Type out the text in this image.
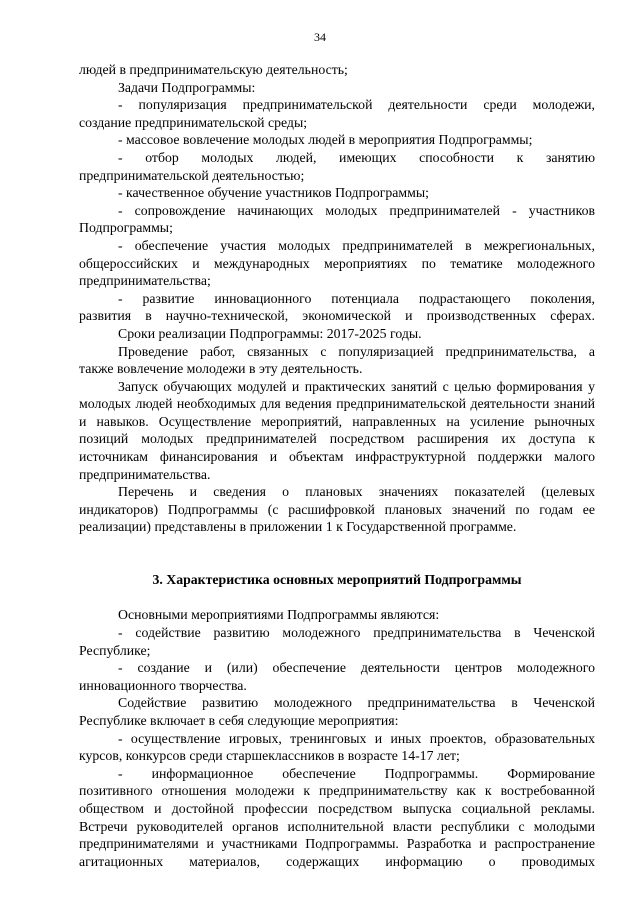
34
людей в предпринимательскую деятельность;
Задачи Подпрограммы:
- популяризация предпринимательской деятельности среди молодежи,
создание предпринимательской среды;
- массовое вовлечение молодых людей в мероприятия Подпрограммы;
- отбор молодых людей, имеющих способности к занятию
предпринимательской деятельностью;
- качественное обучение участников Подпрограммы;
- сопровождение начинающих молодых предпринимателей - участников
Подпрограммы;
- обеспечение участия молодых предпринимателей в межрегиональных,
общероссийских и международных мероприятиях по тематике молодежного
предпринимательства;
- развитие инновационного потенциала подрастающего поколения,
развития в научно-технической, экономической и производственных сферах.
Сроки реализации Подпрограммы: 2017-2025 годы.
Проведение работ, связанных с популяризацией предпринимательства, а
также вовлечение молодежи в эту деятельность.
Запуск обучающих модулей и практических занятий с целью формирования у
молодых людей необходимых для ведения предпринимательской деятельности знаний
и навыков. Осуществление мероприятий, направленных на усиление рыночных
позиций молодых предпринимателей посредством расширения их доступа к
источникам финансирования и объектам инфраструктурной поддержки малого
предпринимательства.
Перечень и сведения о плановых значениях показателей (целевых
индикаторов) Подпрограммы (с расшифровкой плановых значений по годам ее
реализации) представлены в приложении 1 к Государственной программе.
3. Характеристика основных мероприятий Подпрограммы
Основными мероприятиями Подпрограммы являются:
- содействие развитию молодежного предпринимательства в Чеченской
Республике;
- создание и (или) обеспечение деятельности центров молодежного
инновационного творчества.
Содействие развитию молодежного предпринимательства в Чеченской
Республике включает в себя следующие мероприятия:
- осуществление игровых, тренинговых и иных проектов, образовательных
курсов, конкурсов среди старшеклассников в возрасте 14-17 лет;
- информационное обеспечение Подпрограммы. Формирование
позитивного отношения молодежи к предпринимательству как к востребованной
обществом и достойной профессии посредством выпуска социальной рекламы.
Встречи руководителей органов исполнительной власти республики с молодыми
предпринимателями и участниками Подпрограммы. Разработка и распространение
агитационных материалов, содержащих информацию о проводимых
